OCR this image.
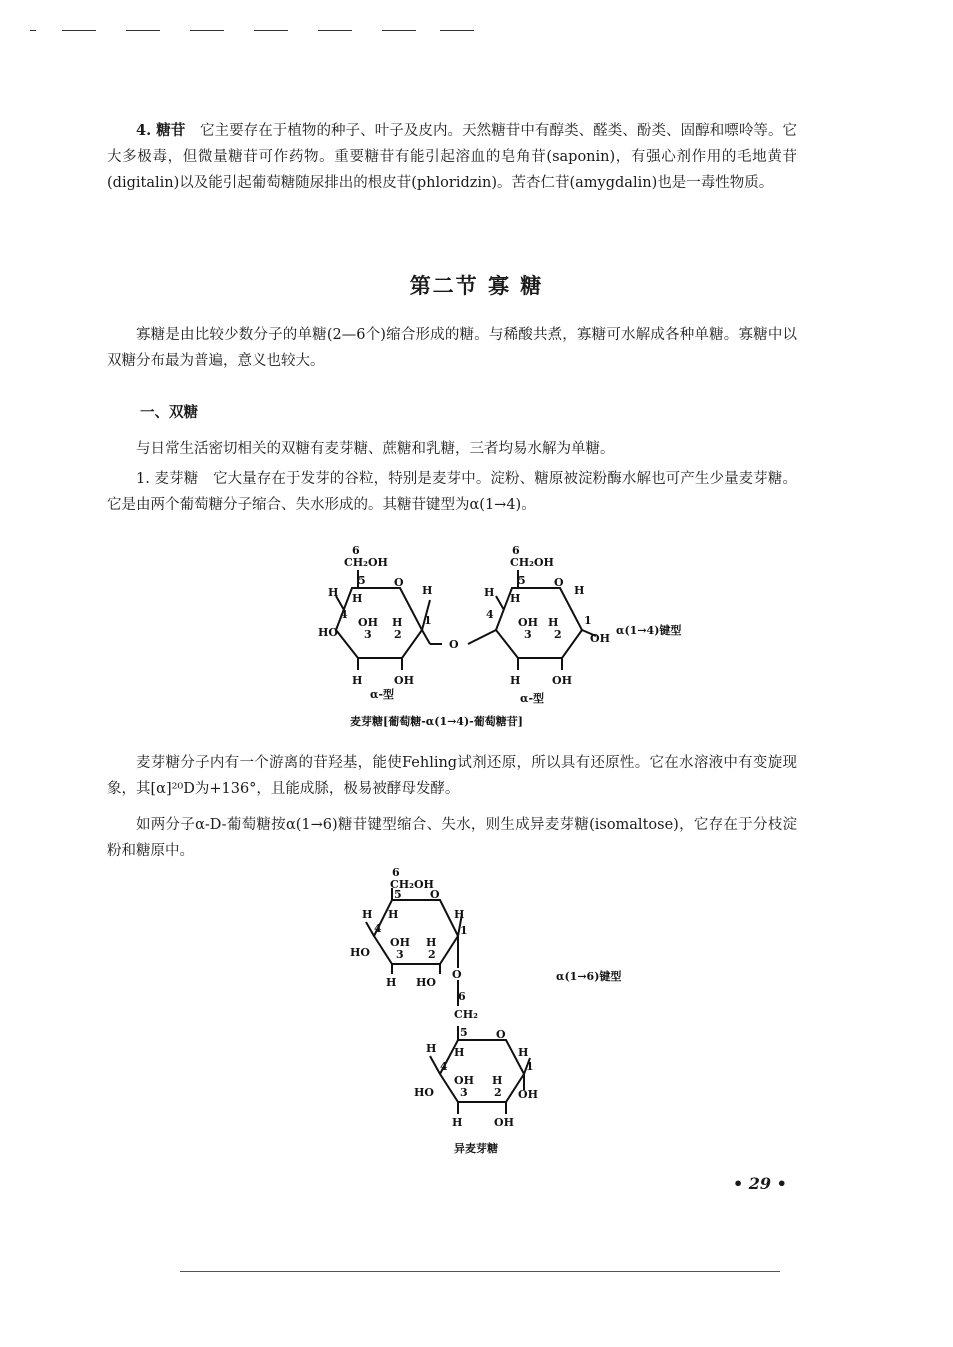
4. 糖苷　 它主要存在于植物的种子、叶子及皮内。天然糖苷中有醇类、醛类、酚类、固醇和嘌呤等。它大多极毒，但微量糖苷可作药物。重要糖苷有能引起溶血的皂角苷(saponin)，有强心剂作用的毛地黄苷(digitalin)以及能引起葡萄糖随尿排出的根皮苷(phloridzin)。苦杏仁苷(amygdalin)也是一毒性物质。

第二节 寡 糖

寡糖是由比较少数分子的单糖(2—6个)缩合形成的糖。与稀酸共煮，寡糖可水解成各种单糖。寡糖中以双糖分布最为普遍，意义也较大。

一、双糖

与日常生活密切相关的双糖有麦芽糖、蔗糖和乳糖，三者均易水解为单糖。

1. 麦芽糖　 它大量存在于发芽的谷粒，特别是麦芽中。淀粉、糖原被淀粉酶水解也可产生少量麦芽糖。它是由两个葡萄糖分子缩合、失水形成的。其糖苷键型为α(1→4)。

CH₂OH
6
5	O
H H
H
4	1
OH H
HO 3 2
H	OH
O
CH₂OH
6
5	O
H H
H
4	1
OH H
3 2	OH
H	OH
α(1→4)键型
α-型	α-型
麦芽糖[葡萄糖-α(1→4)-葡萄糖苷]

麦芽糖分子内有一个游离的苷羟基，能使Fehling试剂还原，所以具有还原性。它在水溶液中有变旋现象，其[α]²⁰D为+136°，且能成脎，极易被酵母发酵。

如两分子α-D-葡萄糖按α(1→6)糖苷键型缩合、失水，则生成异麦芽糖(isomaltose)，它存在于分枝淀粉和糖原中。

CH₂OH
6
5	O
H H	H
4	1
OH H
HO 3 2
H HO
O
6
CH₂
α(1→6)键型
5	O
H H	H
4	1
OH H
HO 3 2 OH
H	OH
异麦芽糖

• 29 •
